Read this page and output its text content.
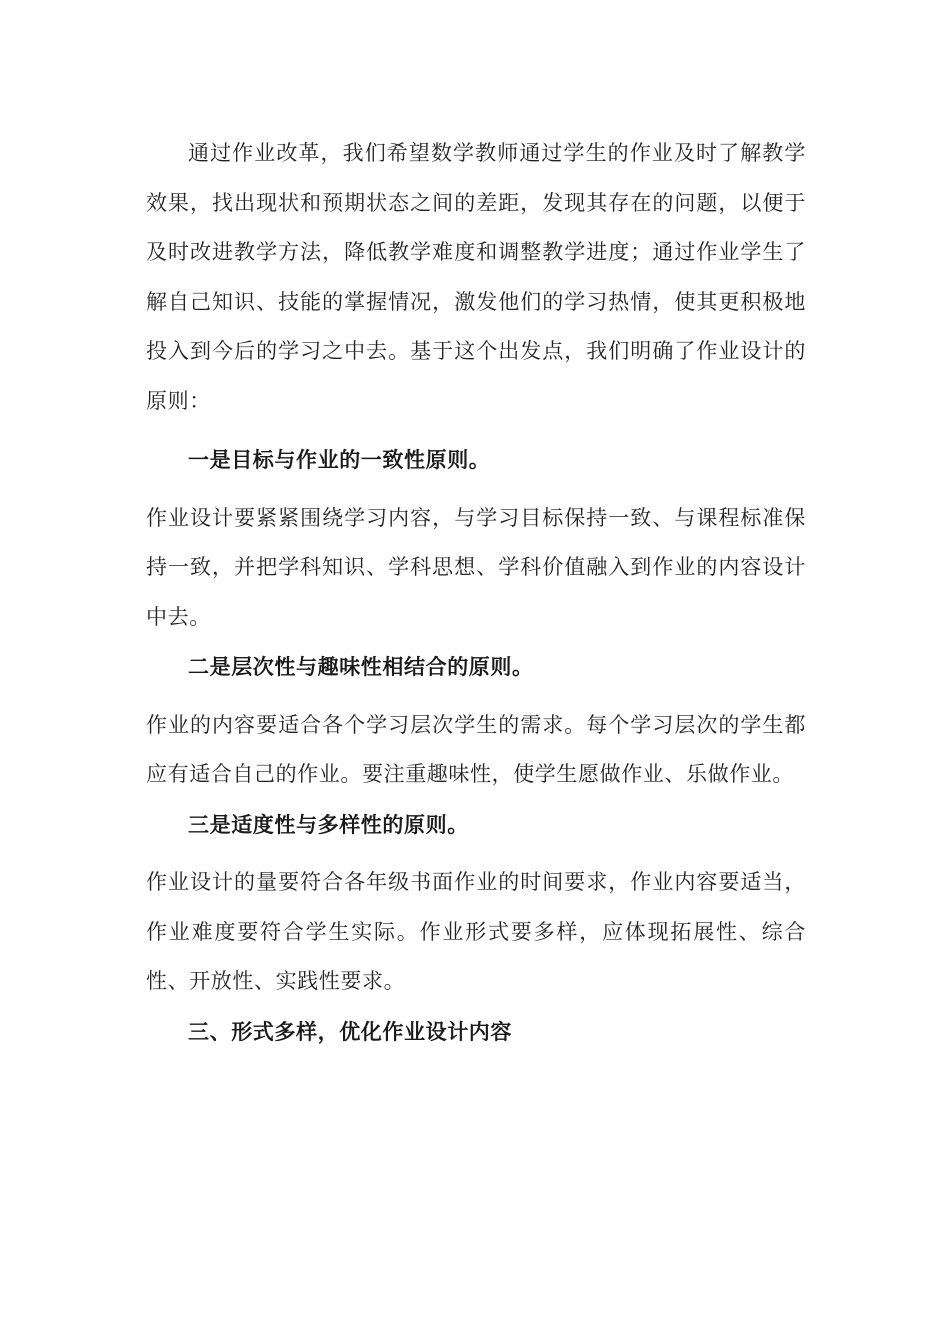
通过作业改革，我们希望数学教师通过学生的作业及时了解教学效果，找出现状和预期状态之间的差距，发现其存在的问题，以便于及时改进教学方法，降低教学难度和调整教学进度；通过作业学生了解自己知识、技能的掌握情况，激发他们的学习热情，使其更积极地投入到今后的学习之中去。基于这个出发点，我们明确了作业设计的原则：

一是目标与作业的一致性原则。

作业设计要紧紧围绕学习内容，与学习目标保持一致、与课程标准保持一致，并把学科知识、学科思想、学科价值融入到作业的内容设计中去。

二是层次性与趣味性相结合的原则。

作业的内容要适合各个学习层次学生的需求。每个学习层次的学生都应有适合自己的作业。要注重趣味性，使学生愿做作业、乐做作业。

三是适度性与多样性的原则。

作业设计的量要符合各年级书面作业的时间要求，作业内容要适当，作业难度要符合学生实际。作业形式要多样，应体现拓展性、综合性、开放性、实践性要求。

三、形式多样，优化作业设计内容
